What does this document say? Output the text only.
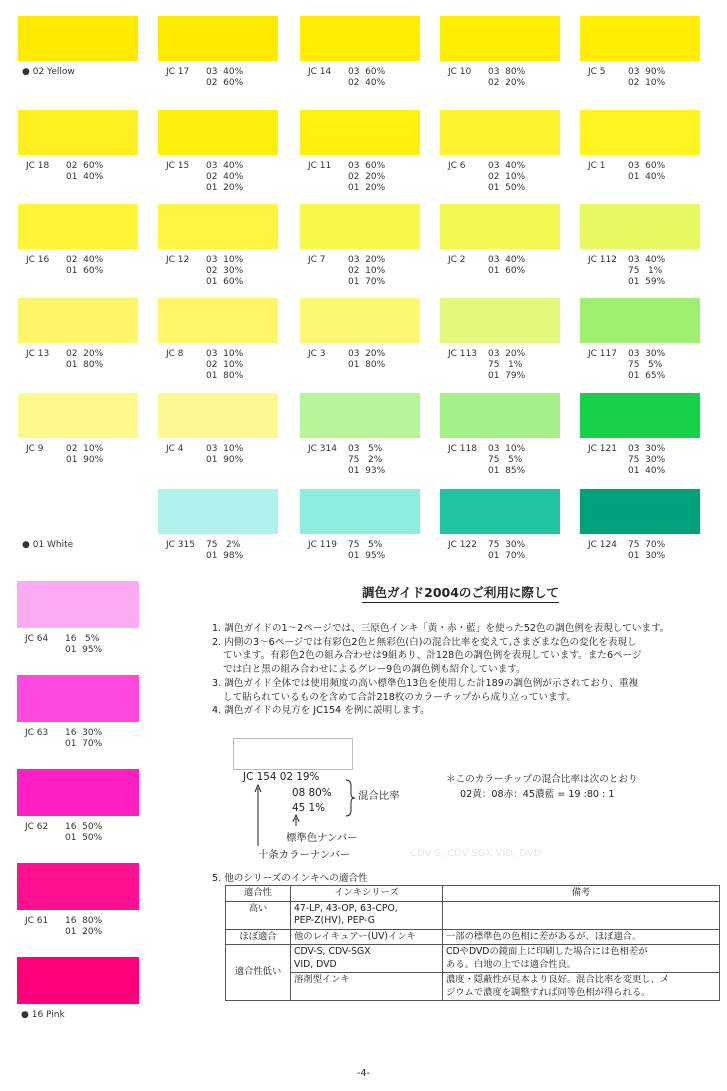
● 02 Yellow	JC 17 03  40%
02  60%
JC 14 03  60%
02  40%
JC 10 03  80%
02  20%
JC 5 03  90%
02  10%
JC 18 02  60%
01  40%
JC 15 03  40%
02  40%
01  20%
JC 11 03  60%
02  20%
01  20%
JC 6 03  40%
02  10%
01  50%
JC 1 03  60%
01  40%
JC 16 02  40%
01  60%
JC 12 03  10%
02  30%
01  60%
JC 7 03  20%
02  10%
01  70%
JC 2 03  40%
01  60%
JC 112 03  40%
75   1%
01  59%
JC 13 02  20%
01  80%
JC 8 03  10%
02  10%
01  80%
JC 3 03  20%
01  80%
JC 113 03  20%
75   1%
01  79%
JC 117 03  30%
75   5%
01  65%
JC 9 02  10%
01  90%
JC 4 03  10%
01  90%
JC 314 03   5%
75   2%
01  93%
JC 118 03  10%
75   5%
01  85%
JC 121 03  30%
75  30%
01  40%
● 01 White	JC 315 75   2%
01  98%
JC 119 75   5%
01  95%
JC 122 75  30%
01  70%
JC 124 75  70%
01  30%
JC 64 16   5%
01  95%
JC 63 16  30%
01  70%
JC 62 16  50%
01  50%
JC 61 16  80%
01  20%
● 16 Pink
調色ガイド2004のご利用に際して

1. 調色ガイドの1～2ページでは、三原色インキ「黄・赤・藍」を使った52色の調色例を表現しています。

2. 内側の3～6ページでは有彩色2色と無彩色(白)の混合比率を変えて,さまざまな色の変化を表現し

ています。有彩色2色の組み合わせは9組あり、計128色の調色例を表現しています。また6ページ

では白と黒の組み合わせによるグレー9色の調色例も紹介しています。

3. 調色ガイド全体では使用頻度の高い標準色13色を使用した計189の調色例が示されており、重複

して貼られているものを含めて合計218枚のカラーチップから成り立っています。

4. 調色ガイドの見方を JC154 を例に説明します。

JC 154 02 19%
08 80%
45 1%
混合比率
標準色ナンバー
十条カラーナンバー
＊このカラーチップの混合比率は次のとおり
02黄：08赤：45濃藍 = 19 :80 : 1
CDV-S, CDV-SGX VID, DVD
5. 他のシリーズのインキへの適合性
適合性	インキシリーズ	備考
高い	47-LP, 43-OP, 63-CPO,
PEP-Z(HV), PEP-G	
ほぼ適合	他のレイキュアー(UV)インキ	一部の標準色の色相に差があるが、ほぼ適合。
適合性低い	CDV-S, CDV-SGX
VID, DVD	CDやDVDの鏡面上に印刷した場合には色相差が
ある。白地の上では適合性良。
	溶剤型インキ	濃度・隠蔽性が見本より良好。混合比率を変更し、メ
ジウムで濃度を調整すれば同等色相が得られる。
-4-
